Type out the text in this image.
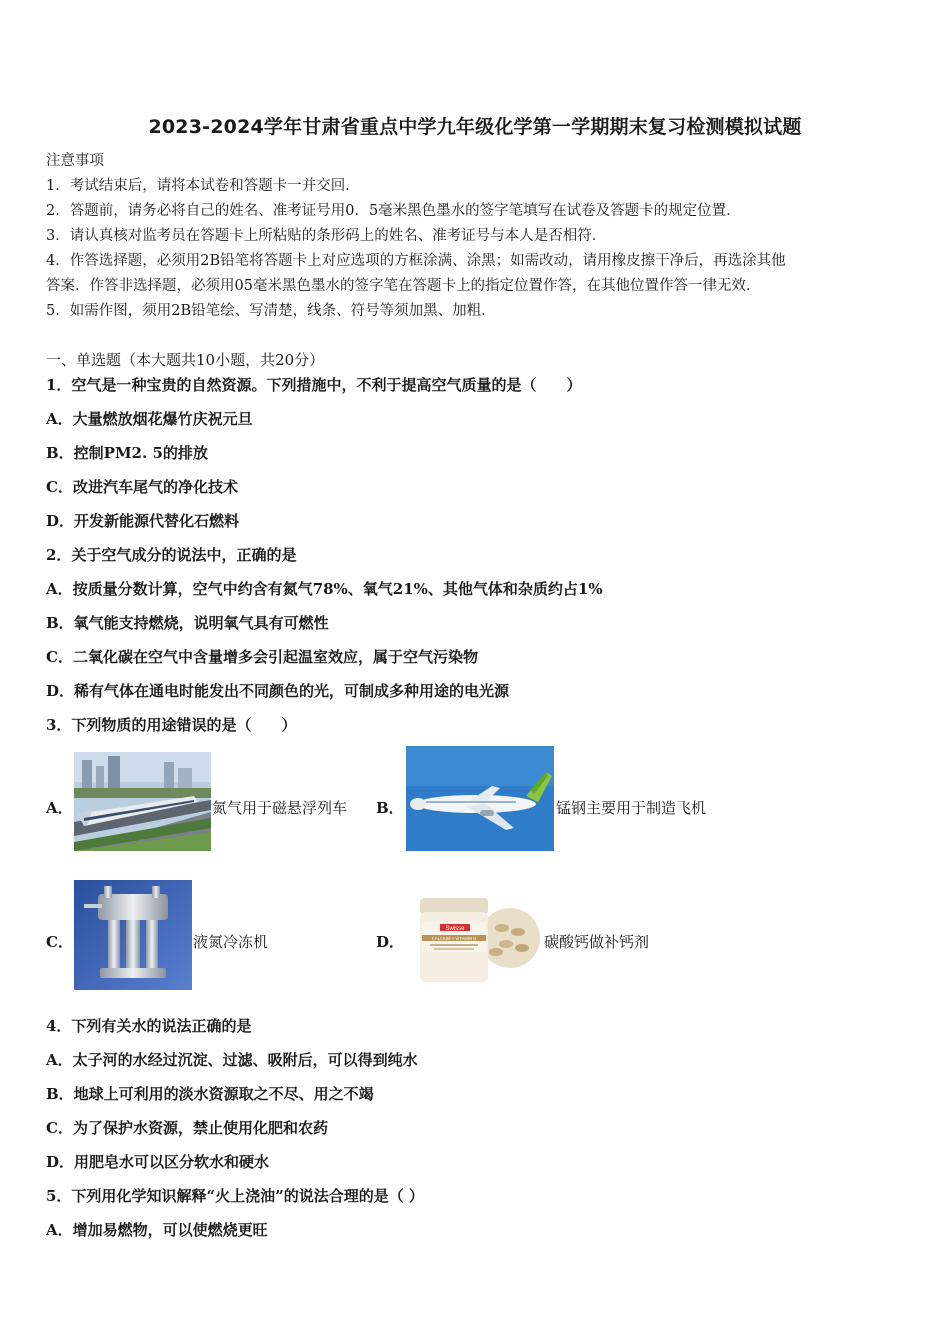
2023-2024学年甘肃省重点中学九年级化学第一学期期末复习检测模拟试题
注意事项
1．考试结束后，请将本试卷和答题卡一并交回．
2．答题前，请务必将自己的姓名、准考证号用0．5毫米黑色墨水的签字笔填写在试卷及答题卡的规定位置．
3．请认真核对监考员在答题卡上所粘贴的条形码上的姓名、准考证号与本人是否相符．
4．作答选择题，必须用2B铅笔将答题卡上对应选项的方框涂满、涂黑；如需改动，请用橡皮擦干净后，再选涂其他
答案．作答非选择题，必须用05毫米黑色墨水的签字笔在答题卡上的指定位置作答，在其他位置作答一律无效．
5．如需作图，须用2B铅笔绘、写清楚，线条、符号等须加黑、加粗．
一、单选题（本大题共10小题，共20分）
1．空气是一种宝贵的自然资源。下列措施中，不利于提高空气质量的是（　　）
A．大量燃放烟花爆竹庆祝元旦
B．控制PM2. 5的排放
C．改进汽车尾气的净化技术
D．开发新能源代替化石燃料
2．关于空气成分的说法中，正确的是
A．按质量分数计算，空气中约含有氮气78%、氧气21%、其他气体和杂质约占1%
B．氧气能支持燃烧，说明氧气具有可燃性
C．二氧化碳在空气中含量增多会引起温室效应，属于空气污染物
D．稀有气体在通电时能发出不同颜色的光，可制成多种用途的电光源
3．下列物质的用途错误的是（　　）
A．	氮气用于磁悬浮列车 B．	锰钢主要用于制造飞机
C．	液氮冷冻机	D．
Swisse
CALCIUM + VITAMIN D	碳酸钙做补钙剂
4．下列有关水的说法正确的是
A．太子河的水经过沉淀、过滤、吸附后，可以得到纯水
B．地球上可利用的淡水资源取之不尽、用之不竭
C．为了保护水资源，禁止使用化肥和农药
D．用肥皂水可以区分软水和硬水
5．下列用化学知识解释“火上浇油”的说法合理的是（ ）
A．增加易燃物，可以使燃烧更旺
